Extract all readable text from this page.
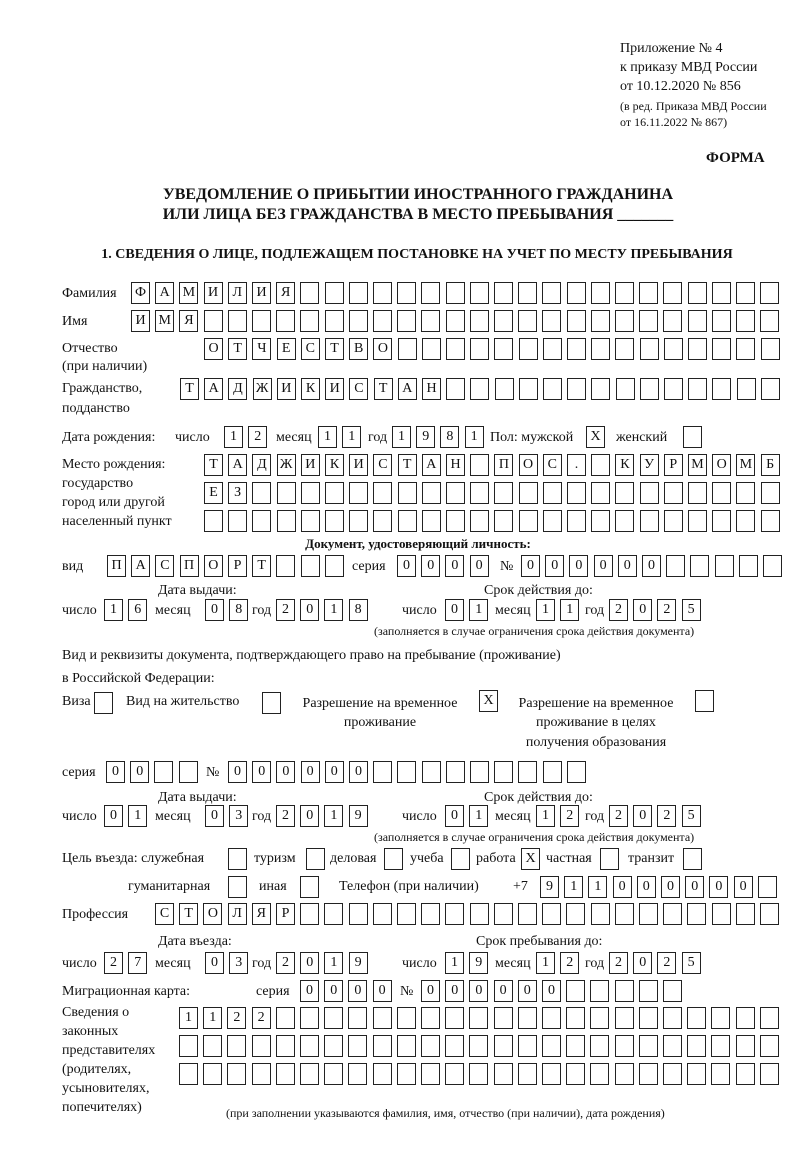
Приложение № 4
к приказу МВД России
от 10.12.2020 № 856
(в ред. Приказа МВД России
от 16.11.2022 № 867)
ФОРМА
УВЕДОМЛЕНИЕ О ПРИБЫТИИ ИНОСТРАННОГО ГРАЖДАНИНА
ИЛИ ЛИЦА БЕЗ ГРАЖДАНСТВА В МЕСТО ПРЕБЫВАНИЯ _______
1. СВЕДЕНИЯ О ЛИЦЕ, ПОДЛЕЖАЩЕМ ПОСТАНОВКЕ НА УЧЕТ ПО МЕСТУ ПРЕБЫВАНИЯ
Фамилия Ф А М И	Л	И	Я
Имя	И М Я
Отчество
(при наличии)
О	Т	Ч	Е	С	Т	В	О
Гражданство,
подданство
Т	А	Д Ж И	К	И	С	Т	А	Н
Дата рождения: число	1	2	месяц 1	1 год 1	9	8	1 Пол: мужской	X	женский
Место рождения:
государство
город или другой
населенный пункт
Т	А	Д Ж И	К	И	С	Т	А	Н	П	О	С	.	К	У	Р	М О М Б
Е	З
Документ, удостоверяющий личность:
вид	П	А	С	П	О	Р	Т	серия	0	0	0	0	№ 0	0	0	0	0	0
Дата выдачи:	Срок действия до:
число 1	6 месяц	0	8 год 2	0	1	8	число	0	1 месяц 1	1 год 2	0	2	5
(заполняется в случае ограничения срока действия документа)
Вид и реквизиты документа, подтверждающего право на пребывание (проживание)
в Российской Федерации:
Виза	Вид на жительство	Разрешение на временное
проживание
X	Разрешение на временное
проживание в целях
получения образования
серия	0	0	№	0	0	0	0	0	0
Дата выдачи:	Срок действия до:
число 0	1 месяц	0	3 год 2	0	1	9	число	0	1 месяц 1	2 год 2	0	2	5
(заполняется в случае ограничения срока действия документа)
Цель въезда: служебная	туризм деловая учеба работа X частная	транзит
гуманитарная	иная	Телефон (при наличии) +7	9	1	1	0	0	0	0	0	0
Профессия	С	Т	О	Л	Я	Р
Дата въезда:	Срок пребывания до:
число 2	7 месяц	0	3 год 2	0	1	9	число	1	9 месяц 1	2 год 2	0	2	5
Миграционная карта:	серия	0	0	0	0	№ 0	0	0	0	0	0
Сведения о
законных
представителях
(родителях,
усыновителях,
попечителях)
1	1	2	2
(при заполнении указываются фамилия, имя, отчество (при наличии), дата рождения)
